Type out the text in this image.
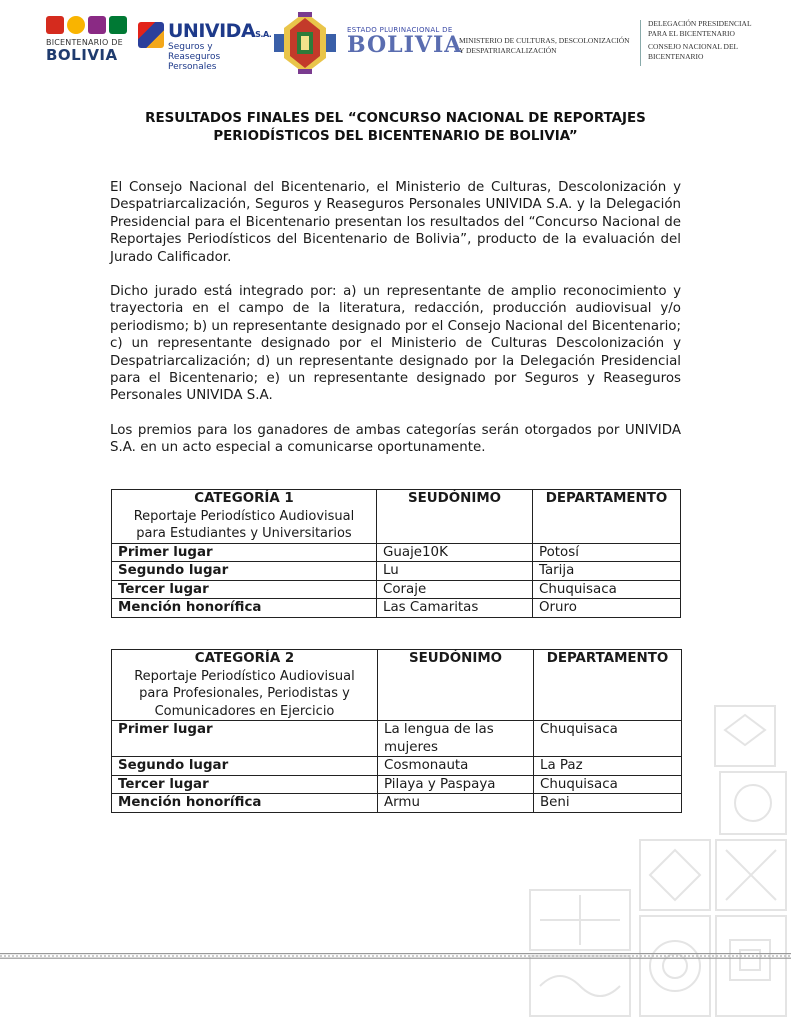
BICENTENARIO DE
BOLIVIA
UNIVIDAS.A.
Seguros y Reaseguros
Personales
ESTADO PLURINACIONAL DE
BOLIVIA
MINISTERIO DE CULTURAS, DESCOLONIZACIÓN
Y DESPATRIARCALIZACIÓN
DELEGACIÓN PRESIDENCIAL
PARA EL BICENTENARIO
CONSEJO NACIONAL DEL
BICENTENARIO
RESULTADOS FINALES DEL “CONCURSO NACIONAL DE REPORTAJES PERIODÍSTICOS DEL BICENTENARIO DE BOLIVIA”
El Consejo Nacional del Bicentenario, el Ministerio de Culturas, Descolonización y Despatriarcalización, Seguros y Reaseguros Personales UNIVIDA S.A. y la Delegación Presidencial para el Bicentenario presentan los resultados del “Concurso Nacional de Reportajes Periodísticos del Bicentenario de Bolivia”, producto de la evaluación del Jurado Calificador.
Dicho jurado está integrado por: a) un representante de amplio reconocimiento y trayectoria en el campo de la literatura, redacción, producción audiovisual y/o periodismo; b) un representante designado por el Consejo Nacional del Bicentenario; c) un representante designado por el Ministerio de Culturas Descolonización y Despatriarcalización; d) un representante designado por la Delegación Presidencial para el Bicentenario; e) un representante designado por Seguros y Reaseguros Personales UNIVIDA S.A.
Los premios para los ganadores de ambas categorías serán otorgados por UNIVIDA S.A. en un acto especial a comunicarse oportunamente.
CATEGORÍA 1
Reportaje Periodístico Audiovisual para Estudiantes y Universitarios	SEUDÓNIMO	DEPARTAMENTO
Primer lugar	Guaje10K	Potosí
Segundo lugar	Lu	Tarija
Tercer lugar	Coraje	Chuquisaca
Mención honorífica	Las Camaritas	Oruro
CATEGORÍA 2
Reportaje Periodístico Audiovisual para Profesionales, Periodistas y Comunicadores en Ejercicio	SEUDÓNIMO	DEPARTAMENTO
Primer lugar	La lengua de las mujeres	Chuquisaca
Segundo lugar	Cosmonauta	La Paz
Tercer lugar	Pilaya y Paspaya	Chuquisaca
Mención honorífica	Armu	Beni
